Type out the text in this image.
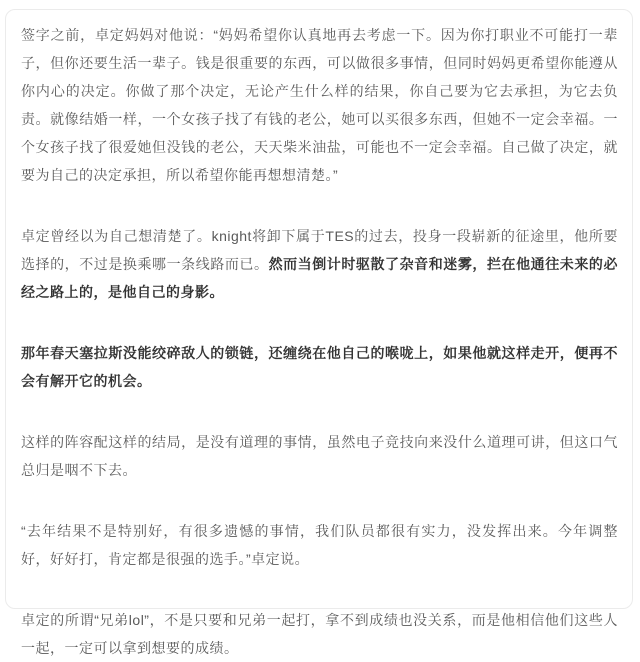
签字之前，卓定妈妈对他说：“妈妈希望你认真地再去考虑一下。因为你打职业不可能打一辈子，但你还要生活一辈子。钱是很重要的东西，可以做很多事情，但同时妈妈更希望你能遵从你内心的决定。你做了那个决定，无论产生什么样的结果，你自己要为它去承担，为它去负责。就像结婚一样，一个女孩子找了有钱的老公，她可以买很多东西，但她不一定会幸福。一个女孩子找了很爱她但没钱的老公，天天柴米油盐，可能也不一定会幸福。自己做了决定，就要为自己的决定承担，所以希望你能再想想清楚。”

卓定曾经以为自己想清楚了。knight将卸下属于TES的过去，投身一段崭新的征途里，他所要选择的，不过是换乘哪一条线路而已。然而当倒计时驱散了杂音和迷雾，拦在他通往未来的必经之路上的，是他自己的身影。

那年春天塞拉斯没能绞碎敌人的锁链，还缠绕在他自己的喉咙上，如果他就这样走开，便再不会有解开它的机会。

这样的阵容配这样的结局，是没有道理的事情，虽然电子竞技向来没什么道理可讲，但这口气总归是咽不下去。

“去年结果不是特别好，有很多遗憾的事情，我们队员都很有实力，没发挥出来。今年调整好，好好打，肯定都是很强的选手。”卓定说。

卓定的所谓“兄弟lol”，不是只要和兄弟一起打，拿不到成绩也没关系，而是他相信他们这些人一起，一定可以拿到想要的成绩。
